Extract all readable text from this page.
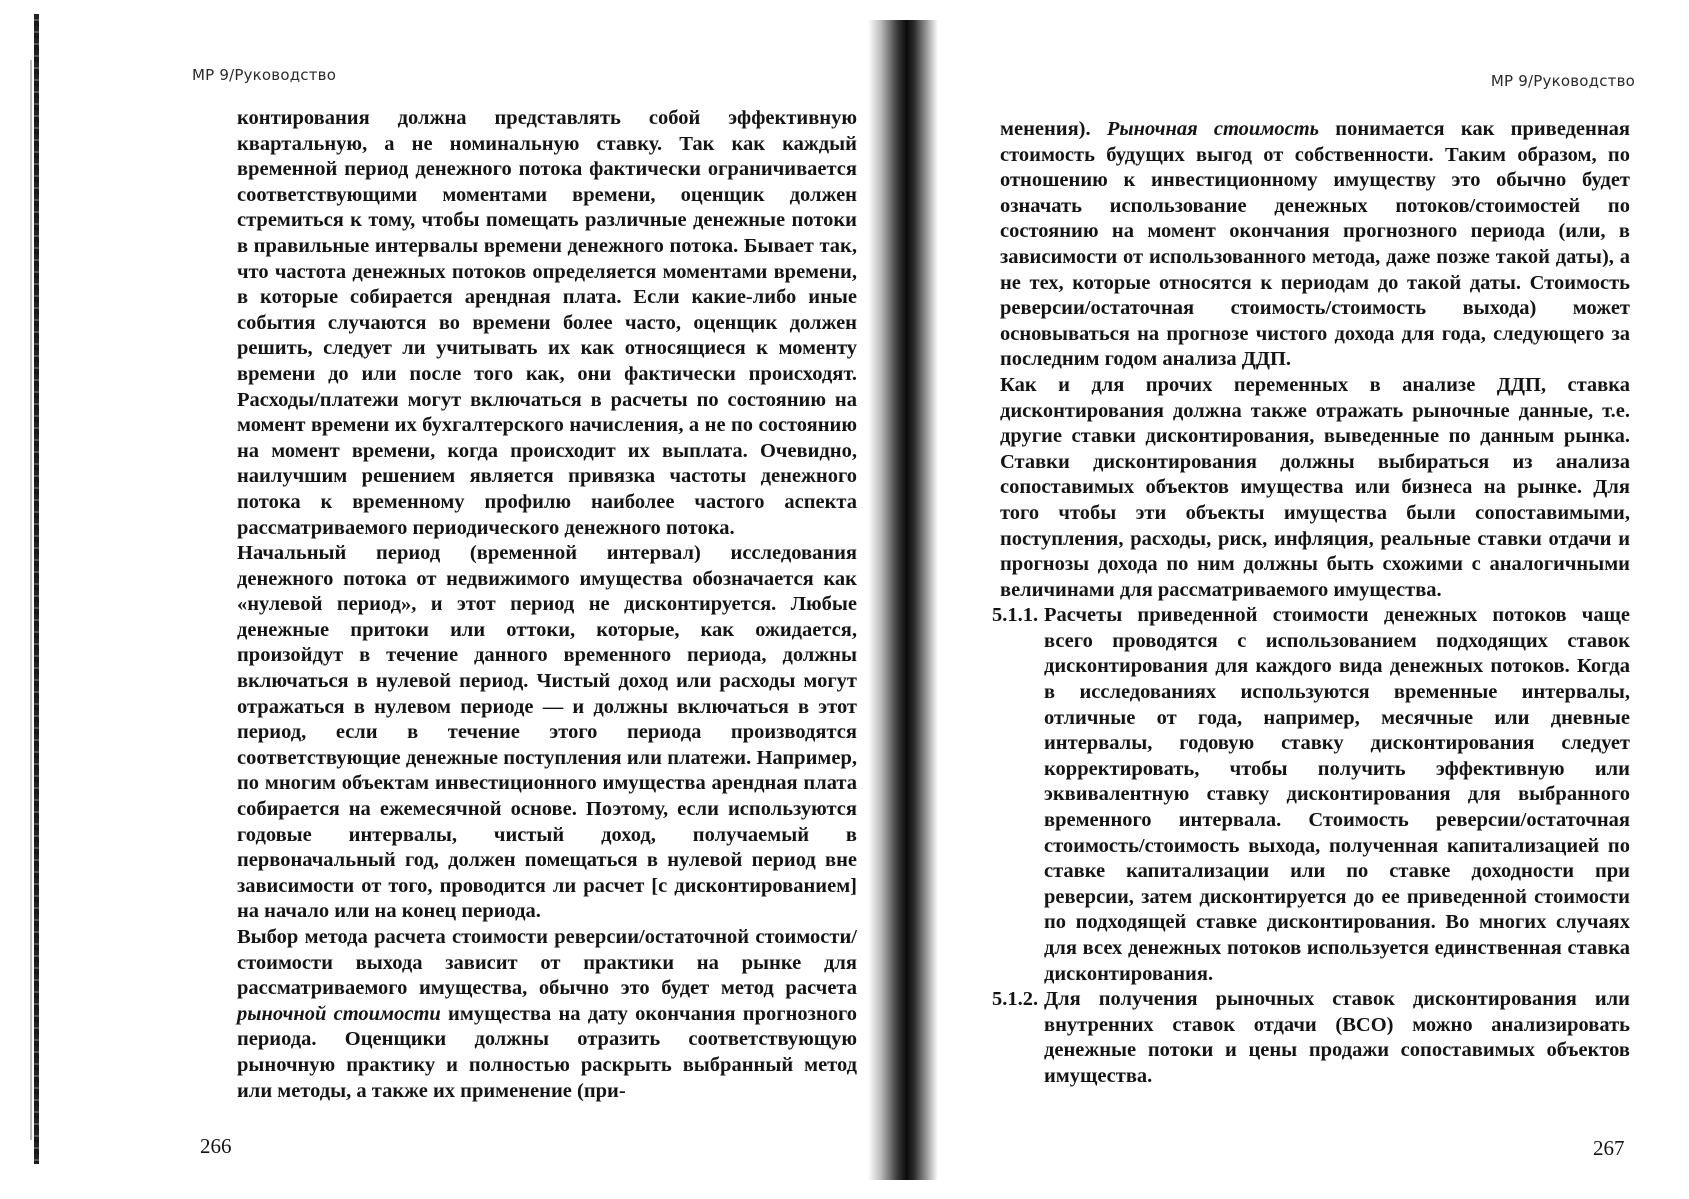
МР 9/Руководство

контирования должна представлять собой эффективную квартальную, а не номинальную ставку. Так как каждый временной период денежного потока фактически ограничивается соответствующими моментами времени, оценщик должен стремиться к тому, чтобы помещать различные денежные потоки в правильные интервалы времени денежного потока. Бывает так, что частота денежных потоков определяется моментами времени, в которые собирается арендная плата. Если какие-либо иные события случаются во времени более часто, оценщик должен решить, следует ли учитывать их как относящиеся к моменту времени до или после того как, они фактически происходят. Расходы/платежи могут включаться в расчеты по состоянию на момент времени их бухгалтерского начисления, а не по состоянию на момент времени, когда происходит их выплата. Очевидно, наилучшим решением является привязка частоты денежного потока к временному профилю наиболее частого аспекта рассматриваемого периодического денежного потока.

Начальный период (временной интервал) исследования денежного потока от недвижимого имущества обозначается как «нулевой период», и этот период не дисконтируется. Любые денежные притоки или оттоки, которые, как ожидается, произойдут в течение данного временного периода, должны включаться в нулевой период. Чистый доход или расходы могут отражаться в нулевом периоде — и должны включаться в этот период, если в течение этого периода производятся соответствующие денежные поступления или платежи. Например, по многим объектам инвестиционного имущества арендная плата собирается на ежемесячной основе. Поэтому, если используются годовые интервалы, чистый доход, получаемый в первоначальный год, должен помещаться в нулевой период вне зависимости от того, проводится ли расчет [с дисконтированием] на начало или на конец периода.

Выбор метода расчета стоимости реверсии/остаточной стоимости/ стоимости выхода зависит от практики на рынке для рассматриваемого имущества, обычно это будет метод расчета рыночной стоимости имущества на дату окончания прогнозного периода. Оценщики должны отразить соответствующую рыночную практику и полностью раскрыть выбранный метод или методы, а также их применение (при-

266
МР 9/Руководство
267

менения). Рыночная стоимость понимается как приведенная стоимость будущих выгод от собственности. Таким образом, по отношению к инвестиционному имуществу это обычно будет означать использование денежных потоков/стоимостей по состоянию на момент окончания прогнозного периода (или, в зависимости от использованного метода, даже позже такой даты), а не тех, которые относятся к периодам до такой даты. Стоимость реверсии/остаточная стоимость/стоимость выхода) может основываться на прогнозе чистого дохода для года, следующего за последним годом анализа ДДП.

Как и для прочих переменных в анализе ДДП, ставка дисконтирования должна также отражать рыночные данные, т.е. другие ставки дисконтирования, выведенные по данным рынка. Ставки дисконтирования должны выбираться из анализа сопоставимых объектов имущества или бизнеса на рынке. Для того чтобы эти объекты имущества были сопоставимыми, поступления, расходы, риск, инфляция, реальные ставки отдачи и прогнозы дохода по ним должны быть схожими с аналогичными величинами для рассматриваемого имущества.

5.1.1. Расчеты приведенной стоимости денежных потоков чаще всего проводятся с использованием подходящих ставок дисконтирования для каждого вида денежных потоков. Когда в исследованиях используются временные интервалы, отличные от года, например, месячные или дневные интервалы, годовую ставку дисконтирования следует корректировать, чтобы получить эффективную или эквивалентную ставку дисконтирования для выбранного временного интервала. Стоимость реверсии/остаточная стоимость/стоимость выхода, полученная капитализацией по ставке капитализации или по ставке доходности при реверсии, затем дисконтируется до ее приведенной стоимости по подходящей ставке дисконтирования. Во многих случаях для всех денежных потоков используется единственная ставка дисконтирования.
5.1.2. Для получения рыночных ставок дисконтирования или внутренних ставок отдачи (ВСО) можно анализировать денежные потоки и цены продажи сопоставимых объектов имущества.
